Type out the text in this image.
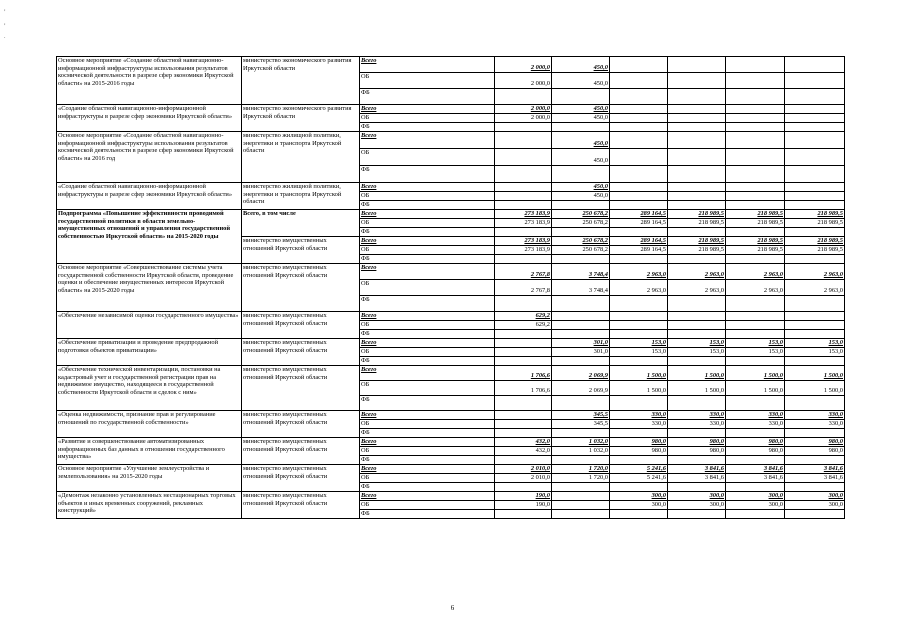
,
,
.
Основное мероприятие «Создание областной навигационно-информационной инфраструктуры использования результатов космической деятельности в разрезе сфер экономики Иркутской области» на 2015-2016 годы	министерство экономического развития Иркутской области	Всего	2 000,0	450,0				
		ОБ	2 000,0	450,0				
		ФБ						
«Создание областной навигационно-информационной инфраструктуры в разрезе сфер экономики Иркутской области»	министерство экономического развития Иркутской области	Всего	2 000,0	450,0				
		ОБ	2 000,0	450,0				
		ФБ						
Основное мероприятие «Создание областной навигационно-информационной инфраструктуры использования результатов космической деятельности в разрезе сфер экономики Иркутской области» на 2016 год	министерство жилищной политики, энергетики и транспорта Иркутской области	Всего		450,0				
		ОБ		450,0				
		ФБ						
«Создание областной навигационно-информационной инфраструктуры в разрезе сфер экономики Иркутской области»	министерство жилищной политики, энергетики и транспорта Иркутской области	Всего		450,0				
		ОБ		450,0				
		ФБ						
Подпрограмма «Повышение эффективности проводимой государственной политики в области земельно-имущественных отношений и управления государственной собственностью Иркутской области» на 2015-2020 годы	Всего, в том числе	Всего	273 183,9	250 678,2	289 164,5	218 989,5	218 989,5	218 989,5
		ОБ	273 183,9	250 678,2	289 164,5	218 989,5	218 989,5	218 989,5
		ФБ						
	министерство имущественных отношений Иркутской области	Всего	273 183,9	250 678,2	289 164,5	218 989,5	218 989,5	218 989,5
		ОБ	273 183,9	250 678,2	289 164,5	218 989,5	218 989,5	218 989,5
		ФБ						
Основное мероприятие «Совершенствование системы учета государственной собственности Иркутской области, проведение оценки и обеспечение имущественных интересов Иркутской области» на 2015-2020 годы	министерство имущественных отношений Иркутской области	Всего	2 767,8	3 748,4	2 963,0	2 963,0	2 963,0	2 963,0
		ОБ	2 767,8	3 748,4	2 963,0	2 963,0	2 963,0	2 963,0
		ФБ						
«Обеспечение независимой оценки государственного имущества»	министерство имущественных отношений Иркутской области	Всего	629,2					
		ОБ	629,2					
		ФБ						
«Обеспечение приватизации и проведение предпродажной подготовки объектов приватизации»	министерство имущественных отношений Иркутской области	Всего		301,0	153,0	153,0	153,0	153,0
		ОБ		301,0	153,0	153,0	153,0	153,0
		ФБ						
«Обеспечение технической инвентаризации, постановки на кадастровый учет и государственной регистрации прав на недвижимое имущество, находящееся в государственной собственности Иркутской области и сделок с ним»	министерство имущественных отношений Иркутской области	Всего	1 706,6	2 069,9	1 500,0	1 500,0	1 500,0	1 500,0
		ОБ	1 706,6	2 069,9	1 500,0	1 500,0	1 500,0	1 500,0
		ФБ						
«Оценка недвижимости, признание прав и регулирование отношений по государственной собственности»	министерство имущественных отношений Иркутской области	Всего		345,5	330,0	330,0	330,0	330,0
		ОБ		345,5	330,0	330,0	330,0	330,0
		ФБ						
«Развитие и совершенствование автоматизированных информационных баз данных в отношении государственного имущества»	министерство имущественных отношений Иркутской области	Всего	432,0	1 032,0	980,0	980,0	980,0	980,0
		ОБ	432,0	1 032,0	980,0	980,0	980,0	980,0
		ФБ						
Основное мероприятие «Улучшение землеустройства и землепользования» на 2015-2020 годы	министерство имущественных отношений Иркутской области	Всего	2 010,0	1 720,0	5 241,6	3 841,6	3 841,6	3 841,6
		ОБ	2 010,0	1 720,0	5 241,6	3 841,6	3 841,6	3 841,6
		ФБ						
«Демонтаж незаконно установленных нестационарных торговых объектов и иных временных сооружений, рекламных конструкций»	министерство имущественных отношений Иркутской области	Всего	190,0		300,0	300,0	300,0	300,0
		ОБ	190,0		300,0	300,0	300,0	300,0
		ФБ						
6
